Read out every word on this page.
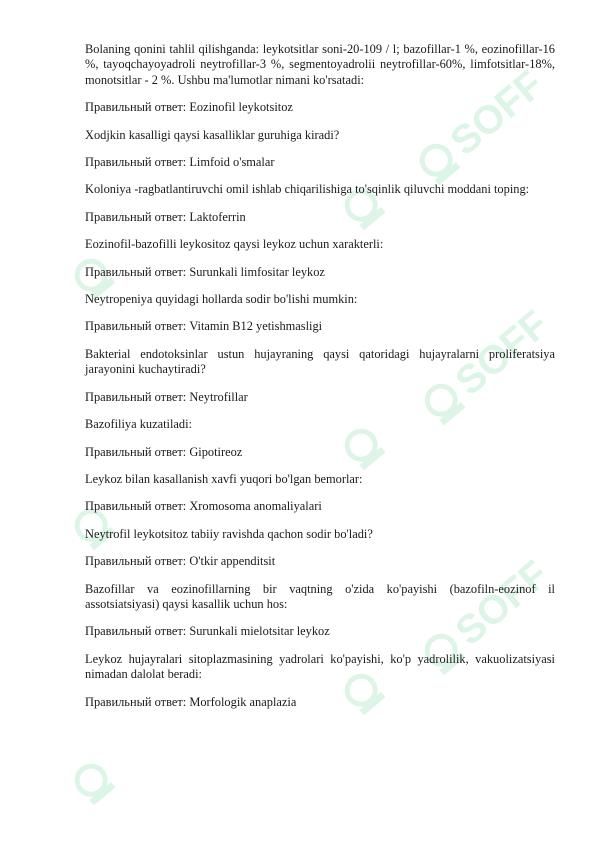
SOFF
SOFF
SOFF

Bolaning qonini tahlil qilishganda: leykotsitlar soni-20-109 / l; bazofillar-1 %, eozinofillar-16 %, tayoqchayoyadroli neytrofillar-3 %, segmentoyadrolii neytrofillar-60%, limfotsitlar-18%, monotsitlar - 2 %. Ushbu ma'lumotlar nimani ko'rsatadi:

Правильный ответ: Eozinofil leykotsitoz

Xodjkin kasalligi qaysi kasalliklar guruhiga kiradi?

Правильный ответ: Limfoid o'smalar

Koloniya -ragbatlantiruvchi omil ishlab chiqarilishiga to'sqinlik qiluvchi moddani toping:

Правильный ответ: Laktoferrin

Eozinofil-bazofilli leykositoz qaysi leykoz uchun xarakterli:

Правильный ответ: Surunkali limfositar leykoz

Neytropeniya quyidagi hollarda sodir bo'lishi mumkin:

Правильный ответ: Vitamin B12 yetishmasligi

Bakterial endotoksinlar ustun hujayraning qaysi qatoridagi hujayralarni proliferatsiya jarayonini kuchaytiradi?

Правильный ответ: Neytrofillar

Bazofiliya kuzatiladi:

Правильный ответ: Gipotireoz

Leykoz bilan kasallanish xavfi yuqori bo'lgan bemorlar:

Правильный ответ: Xromosoma anomaliyalari

Neytrofil leykotsitoz tabiiy ravishda qachon sodir bo'ladi?

Правильный ответ: O'tkir appenditsit

Bazofillar va eozinofillarning bir vaqtning o'zida ko'payishi (bazofiln-eozinof il assotsiatsiyasi) qaysi kasallik uchun hos:

Правильный ответ: Surunkali mielotsitar leykoz

Leykoz hujayralari sitoplazmasining yadrolari ko'payishi, ko'p yadrolilik, vakuolizatsiyasi nimadan dalolat beradi:

Правильный ответ: Morfologik anaplazia
